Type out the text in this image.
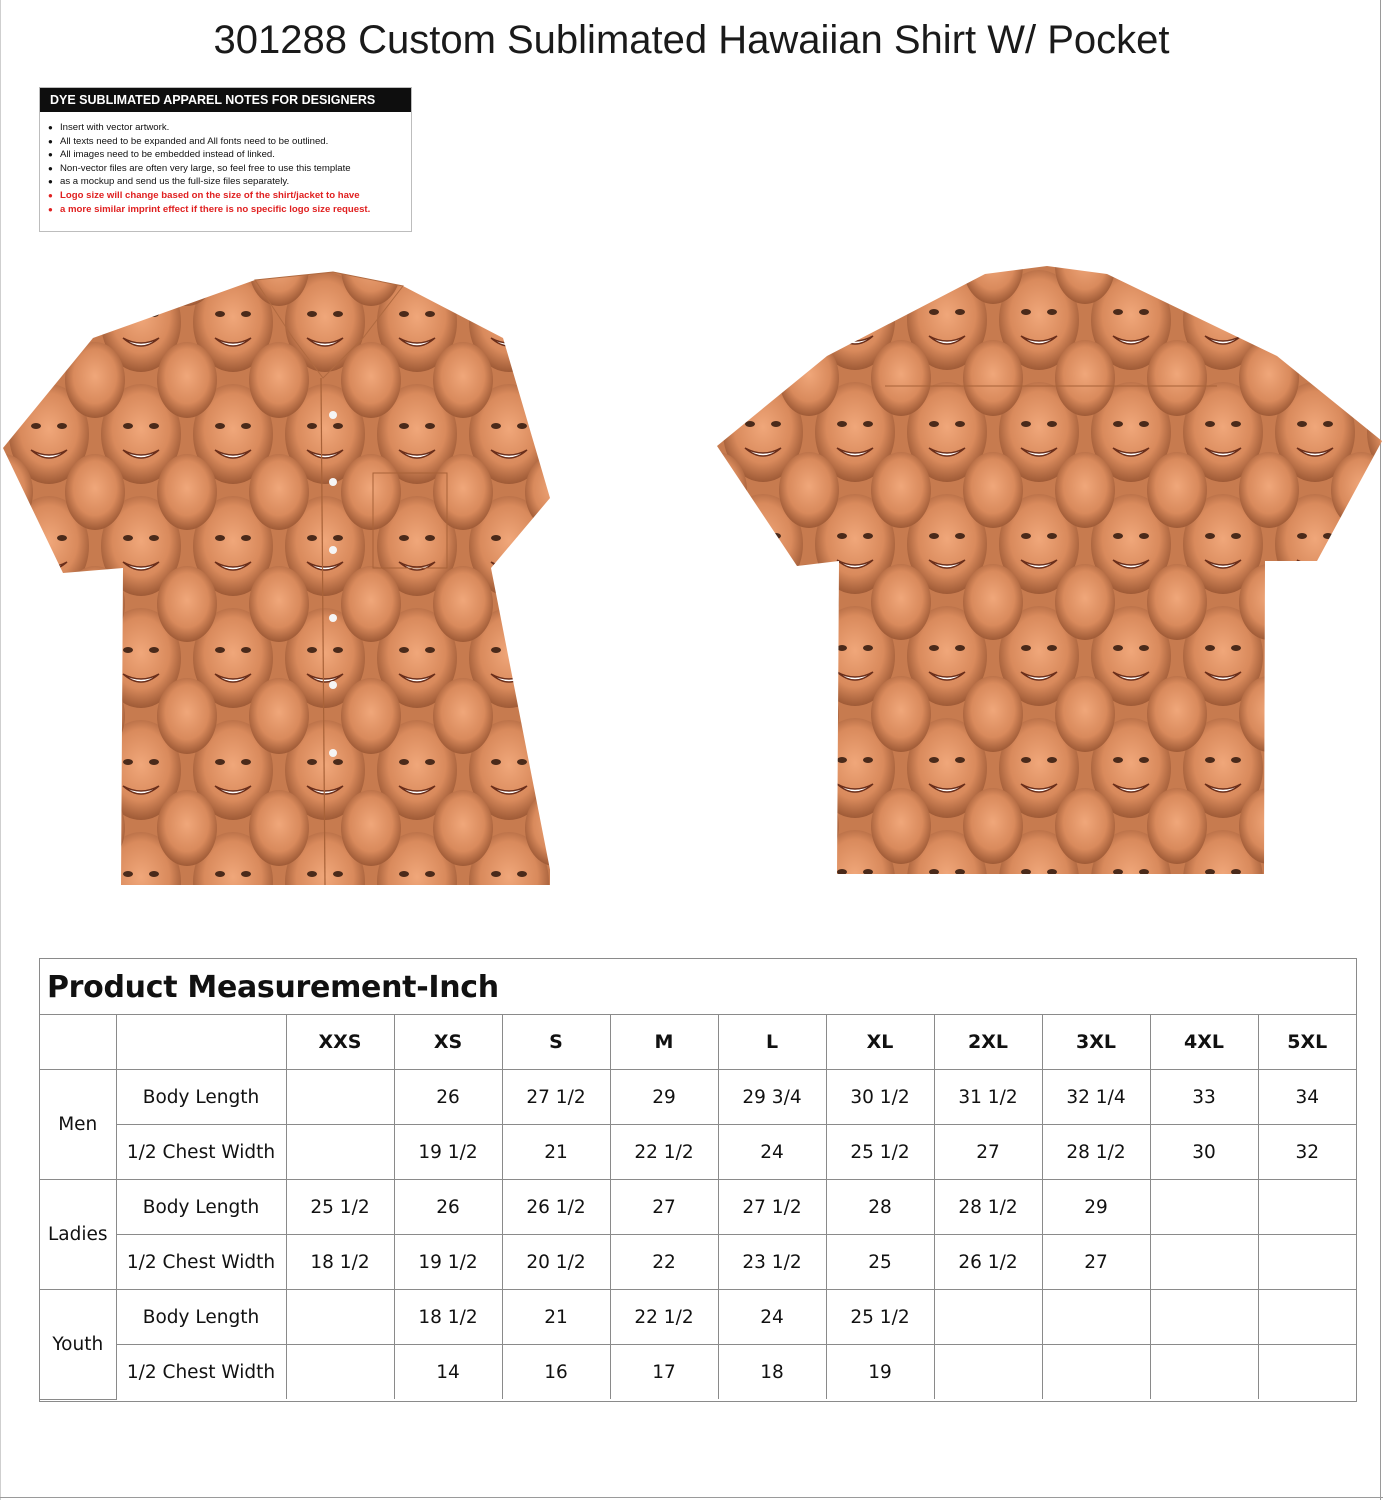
301288 Custom Sublimated Hawaiian Shirt W/ Pocket
DYE SUBLIMATED APPAREL NOTES FOR DESIGNERS
● Insert with vector artwork.
● All texts need to be expanded and All fonts need to be outlined.
● All images need to be embedded instead of linked.
● Non-vector files are often very large, so feel free to use this template
● as a mockup and send us the full-size files separately.
● Logo size will change based on the size of the shirt/jacket to have
● a more similar imprint effect if there is no specific logo size request.
Product Measurement-Inch
		XXS	XS	S	M	L	XL	2XL	3XL	4XL	5XL
Men	Body Length		26	27 1/2	29	29 3/4	30 1/2	31 1/2	32 1/4	33	34
	1/2 Chest Width		19 1/2	21	22 1/2	24	25 1/2	27	28 1/2	30	32
Ladies	Body Length	25 1/2	26	26 1/2	27	27 1/2	28	28 1/2	29		
	1/2 Chest Width	18 1/2	19 1/2	20 1/2	22	23 1/2	25	26 1/2	27		
Youth	Body Length		18 1/2	21	22 1/2	24	25 1/2				
	1/2 Chest Width		14	16	17	18	19				
